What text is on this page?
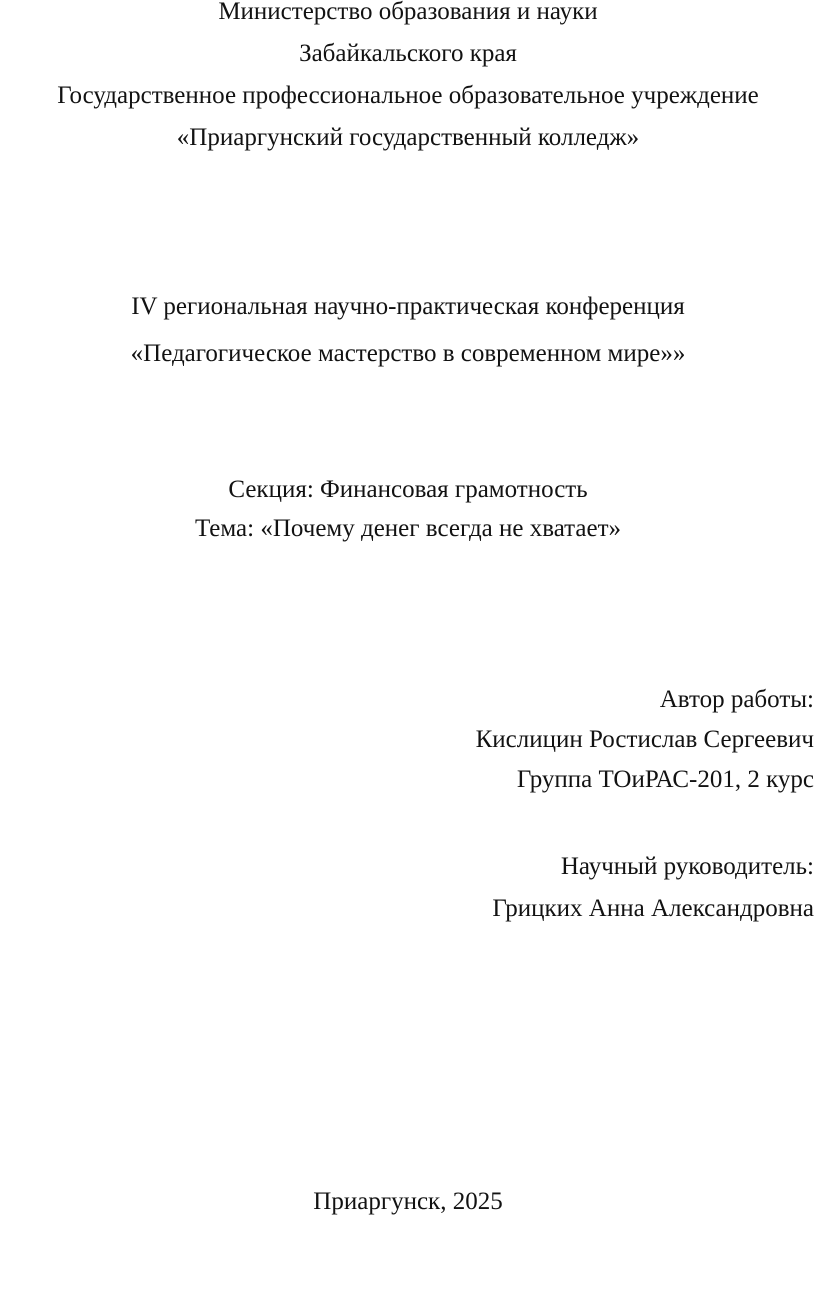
Министерство образования и науки
Забайкальского края
Государственное профессиональное образовательное учреждение
«Приаргунский государственный колледж»
IV региональная научно-практическая конференция
«Педагогическое мастерство в современном мире»»
Секция: Финансовая грамотность
Тема: «Почему денег всегда не хватает»
Автор работы:
Кислицин Ростислав Сергеевич
Группа ТОиРАС-201, 2 курс
Научный руководитель:
Грицких Анна Александровна
Приаргунск, 2025
